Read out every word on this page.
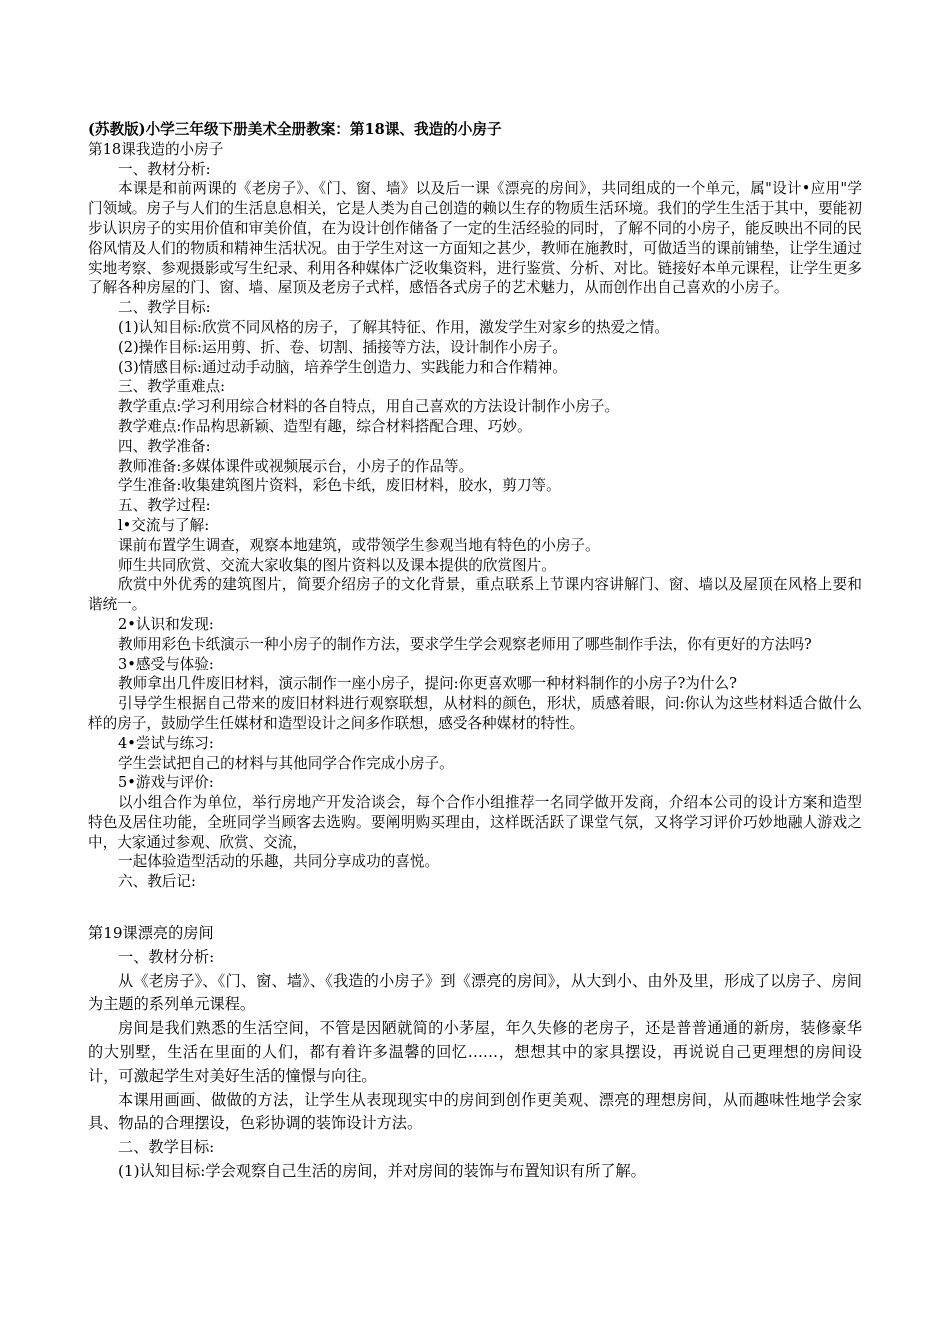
(苏教版)小学三年级下册美术全册教案：第18课、我造的小房子

第18课我造的小房子

一、教材分析:

本课是和前两课的《老房子》、《门、窗、墙》以及后一课《漂亮的房间》，共同组成的一个单元，属"设计•应用"学门领域。房子与人们的生活息息相关，它是人类为自己创造的赖以生存的物质生活环境。我们的学生生活于其中，要能初步认识房子的实用价值和审美价值，在为设计创作储备了一定的生活经验的同时，了解不同的小房子，能反映出不同的民俗风情及人们的物质和精神生活状况。由于学生对这一方面知之甚少，教师在施教时，可做适当的课前铺垫，让学生通过实地考察、参观摄影或写生纪录、利用各种媒体广泛收集资料，进行鉴赏、分析、对比。链接好本单元课程，让学生更多了解各种房屋的门、窗、墙、屋顶及老房子式样，感悟各式房子的艺术魅力，从而创作出自己喜欢的小房子。

二、教学目标:

(1)认知目标:欣赏不同风格的房子，了解其特征、作用，激发学生对家乡的热爱之情。

(2)操作目标:运用剪、折、卷、切割、插接等方法，设计制作小房子。

(3)情感目标:通过动手动脑，培养学生创造力、实践能力和合作精神。

三、教学重难点:

教学重点:学习利用综合材料的各自特点，用自己喜欢的方法设计制作小房子。

教学难点:作品构思新颖、造型有趣，综合材料搭配合理、巧妙。

四、教学准备:

教师准备:多媒体课件或视频展示台，小房子的作品等。

学生准备:收集建筑图片资料，彩色卡纸，废旧材料，胶水，剪刀等。

五、教学过程:

l•交流与了解:

课前布置学生调查，观察本地建筑，或带领学生参观当地有特色的小房子。

师生共同欣赏、交流大家收集的图片资料以及课本提供的欣赏图片。

欣赏中外优秀的建筑图片，简要介绍房子的文化背景，重点联系上节课内容讲解门、窗、墙以及屋顶在风格上要和谐统一。

2•认识和发现:

教师用彩色卡纸演示一种小房子的制作方法，要求学生学会观察老师用了哪些制作手法，你有更好的方法吗?

3•感受与体验:

教师拿出几件废旧材料，演示制作一座小房子，提问:你更喜欢哪一种材料制作的小房子?为什么?

引导学生根据自己带来的废旧材料进行观察联想，从材料的颜色，形状，质感着眼，问:你认为这些材料适合做什么样的房子，鼓励学生任媒材和造型设计之间多作联想，感受各种媒材的特性。

4•尝试与练习:

学生尝试把自己的材料与其他同学合作完成小房子。

5•游戏与评价:

以小组合作为单位，举行房地产开发洽谈会，每个合作小组推荐一名同学做开发商，介绍本公司的设计方案和造型特色及居住功能，全班同学当顾客去选购。要阐明购买理由，这样既活跃了课堂气氛，又将学习评价巧妙地融人游戏之中，大家通过参观、欣赏、交流，

一起体验造型活动的乐趣，共同分享成功的喜悦。

六、教后记:

第19课漂亮的房间

一、教材分析:

从《老房子》、《门、窗、墙》、《我造的小房子》到《漂亮的房间》，从大到小、由外及里，形成了以房子、房间为主题的系列单元课程。

房间是我们熟悉的生活空间，不管是因陋就简的小茅屋，年久失修的老房子，还是普普通通的新房，装修豪华的大别墅，生活在里面的人们，都有着许多温馨的回忆……，想想其中的家具摆设，再说说自己更理想的房间设计，可激起学生对美好生活的憧憬与向往。

本课用画画、做做的方法，让学生从表现现实中的房间到创作更美观、漂亮的理想房间，从而趣味性地学会家具、物品的合理摆设，色彩协调的装饰设计方法。

二、教学目标:

(1)认知目标:学会观察自己生活的房间，并对房间的装饰与布置知识有所了解。
